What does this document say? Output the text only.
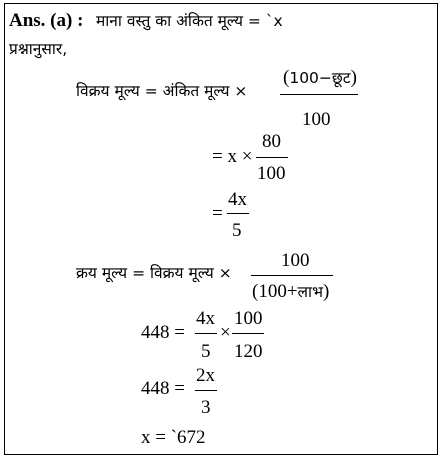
Ans. (a) : माना वस्तु का अंकित मूल्य = `x
प्रश्नानुसार,
विक्रय मूल्य = अंकित मूल्य ×
(100−छूट)
100
= x ×
80
100
=
4x
5
क्रय मूल्य = विक्रय मूल्य ×
100
(100+लाभ)
448 =
4x
5
×
100
120
448 =
2x
3
x = `672
